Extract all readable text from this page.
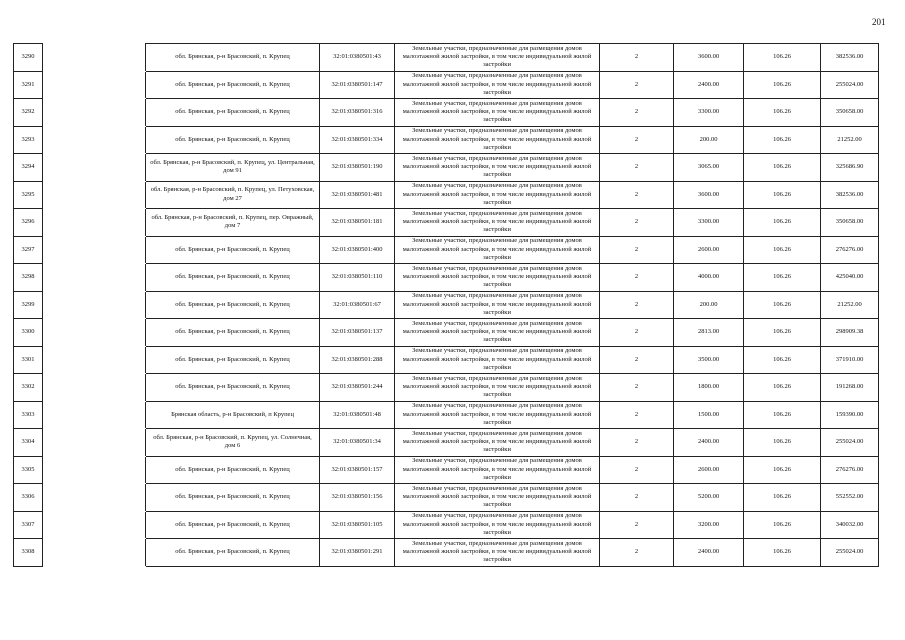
201
3290		обл. Брянская, р-н Брасовский, п. Крупец	32:01:0380501:43	Земельные участки, предназначенные для размещения домов малоэтажной жилой застройки, в том числе индивидуальной жилой застройки	2	3600.00	106.26	382536.00
3291		обл. Брянская, р-н Брасовский, п. Крупец	32:01:0380501:147	Земельные участки, предназначенные для размещения домов малоэтажной жилой застройки, в том числе индивидуальной жилой застройки	2	2400.00	106.26	255024.00
3292		обл. Брянская, р-н Брасовский, п. Крупец	32:01:0380501:316	Земельные участки, предназначенные для размещения домов малоэтажной жилой застройки, в том числе индивидуальной жилой застройки	2	3300.00	106.26	350658.00
3293		обл. Брянская, р-н Брасовский, п. Крупец	32:01:0380501:334	Земельные участки, предназначенные для размещения домов малоэтажной жилой застройки, в том числе индивидуальной жилой застройки	2	200.00	106.26	21252.00
3294		обл. Брянская, р-н Брасовский, п. Крупец, ул. Центральная, дом 91	32:01:0380501:190	Земельные участки, предназначенные для размещения домов малоэтажной жилой застройки, в том числе индивидуальной жилой застройки	2	3065.00	106.26	325686.90
3295		обл. Брянская, р-н Брасовский, п. Крупец, ул. Петуховская, дом 27	32:01:0380501:481	Земельные участки, предназначенные для размещения домов малоэтажной жилой застройки, в том числе индивидуальной жилой застройки	2	3600.00	106.26	382536.00
3296		обл. Брянская, р-н Брасовский, п. Крупец, пер. Овражный, дом 7	32:01:0380501:181	Земельные участки, предназначенные для размещения домов малоэтажной жилой застройки, в том числе индивидуальной жилой застройки	2	3300.00	106.26	350658.00
3297		обл. Брянская, р-н Брасовский, п. Крупец	32:01:0380501:400	Земельные участки, предназначенные для размещения домов малоэтажной жилой застройки, в том числе индивидуальной жилой застройки	2	2600.00	106.26	276276.00
3298		обл. Брянская, р-н Брасовский, п. Крупец	32:01:0380501:110	Земельные участки, предназначенные для размещения домов малоэтажной жилой застройки, в том числе индивидуальной жилой застройки	2	4000.00	106.26	425040.00
3299		обл. Брянская, р-н Брасовский, п. Крупец	32:01:0380501:67	Земельные участки, предназначенные для размещения домов малоэтажной жилой застройки, в том числе индивидуальной жилой застройки	2	200.00	106.26	21252.00
3300		обл. Брянская, р-н Брасовский, п. Крупец	32:01:0380501:137	Земельные участки, предназначенные для размещения домов малоэтажной жилой застройки, в том числе индивидуальной жилой застройки	2	2813.00	106.26	298909.38
3301		обл. Брянская, р-н Брасовский, п. Крупец	32:01:0380501:288	Земельные участки, предназначенные для размещения домов малоэтажной жилой застройки, в том числе индивидуальной жилой застройки	2	3500.00	106.26	371910.00
3302		обл. Брянская, р-н Брасовский, п. Крупец	32:01:0380501:244	Земельные участки, предназначенные для размещения домов малоэтажной жилой застройки, в том числе индивидуальной жилой застройки	2	1800.00	106.26	191268.00
3303		Брянская область, р-н Брасовский, п Крупец	32:01:0380501:48	Земельные участки, предназначенные для размещения домов малоэтажной жилой застройки, в том числе индивидуальной жилой застройки	2	1500.00	106.26	159390.00
3304		обл. Брянская, р-н Брасовский, п. Крупец, ул. Солнечная, дом 6	32:01:0380501:34	Земельные участки, предназначенные для размещения домов малоэтажной жилой застройки, в том числе индивидуальной жилой застройки	2	2400.00	106.26	255024.00
3305		обл. Брянская, р-н Брасовский, п. Крупец	32:01:0380501:157	Земельные участки, предназначенные для размещения домов малоэтажной жилой застройки, в том числе индивидуальной жилой застройки	2	2600.00	106.26	276276.00
3306		обл. Брянская, р-н Брасовский, п. Крупец	32:01:0380501:156	Земельные участки, предназначенные для размещения домов малоэтажной жилой застройки, в том числе индивидуальной жилой застройки	2	5200.00	106.26	552552.00
3307		обл. Брянская, р-н Брасовский, п. Крупец	32:01:0380501:105	Земельные участки, предназначенные для размещения домов малоэтажной жилой застройки, в том числе индивидуальной жилой застройки	2	3200.00	106.26	340032.00
3308		обл. Брянская, р-н Брасовский, п. Крупец	32:01:0380501:291	Земельные участки, предназначенные для размещения домов малоэтажной жилой застройки, в том числе индивидуальной жилой застройки	2	2400.00	106.26	255024.00
